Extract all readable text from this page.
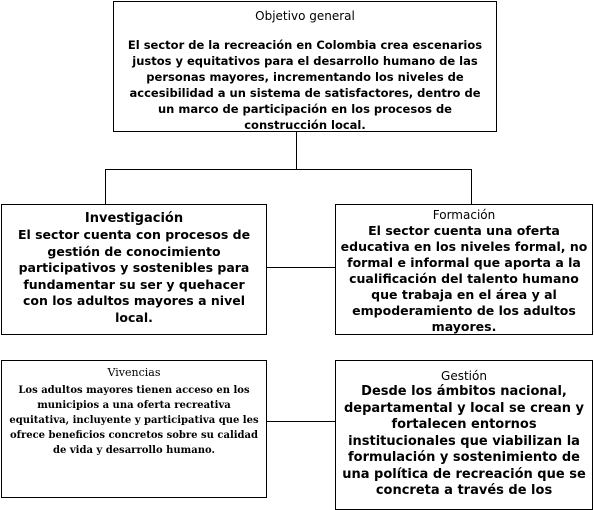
Objetivo general
El sector de la recreación en Colombia crea escenarios justos y equitativos para el desarrollo humano de las personas mayores, incrementando los niveles de accesibilidad a un sistema de satisfactores, dentro de un marco de participación en los procesos de construcción local.
Investigación
El sector cuenta con procesos de gestión de conocimiento participativos y sostenibles para fundamentar su ser y quehacer con los adultos mayores a nivel local.
Formación
El sector cuenta una oferta educativa en los niveles formal, no formal e informal que aporta a la cualificación del talento humano que trabaja en el área y al empoderamiento de los adultos mayores.
Vivencias
Los adultos mayores tienen acceso en los municipios a una oferta recreativa equitativa, incluyente y participativa que les ofrece beneficios concretos sobre su calidad de vida y desarrollo humano.
Gestión
Desde los ámbitos nacional, departamental y local se crean y fortalecen entornos institucionales que viabilizan la formulación y sostenimiento de una política de recreación que se concreta a través de los
